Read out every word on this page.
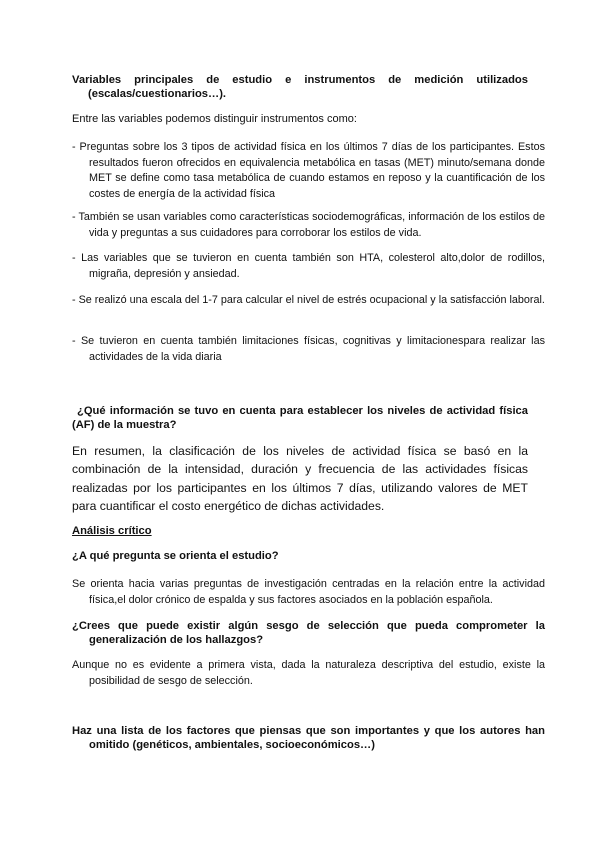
Variables principales de estudio e instrumentos de medición utilizados
(escalas/cuestionarios…).
Entre las variables podemos distinguir instrumentos como:
- Preguntas sobre los 3 tipos de actividad física en los últimos 7 días de los participantes. Estos resultados fueron ofrecidos en equivalencia metabólica en tasas (MET) minuto/semana donde MET se define como tasa metabólica de cuando estamos en reposo y la cuantificación de los costes de energía de la actividad física
- También se usan variables como características sociodemográficas, información de los estilos de vida y preguntas a sus cuidadores para corroborar los estilos de vida.
- Las variables que se tuvieron en cuenta también son HTA, colesterol alto,dolor de rodillos, migraña, depresión y ansiedad.
- Se realizó una escala del 1-7 para calcular el nivel de estrés ocupacional y la satisfacción laboral.
- Se tuvieron en cuenta también limitaciones físicas, cognitivas y limitacionespara realizar las actividades de la vida diaria
¿Qué información se tuvo en cuenta para establecer los niveles de actividad física (AF) de la muestra?
En resumen, la clasificación de los niveles de actividad física se basó en la combinación de la intensidad, duración y frecuencia de las actividades físicas realizadas por los participantes en los últimos 7 días, utilizando valores de MET para cuantificar el costo energético de dichas actividades.
Análisis crítico
¿A qué pregunta se orienta el estudio?
Se orienta hacia varias preguntas de investigación centradas en la relación entre la actividad física,el dolor crónico de espalda y sus factores asociados en la población española.
¿Crees que puede existir algún sesgo de selección que pueda comprometer la generalización de los hallazgos?
Aunque no es evidente a primera vista, dada la naturaleza descriptiva del estudio, existe la posibilidad de sesgo de selección.
Haz una lista de los factores que piensas que son importantes y que los autores han omitido (genéticos, ambientales, socioeconómicos…)
